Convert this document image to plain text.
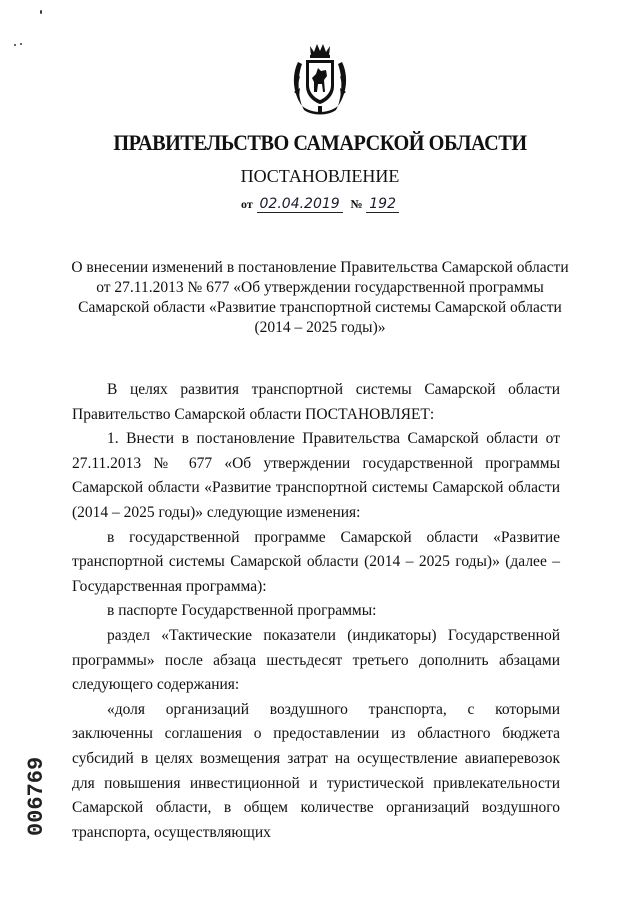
ПРАВИТЕЛЬСТВО САМАРСКОЙ ОБЛАСТИ
ПОСТАНОВЛЕНИЕ
от 02.04.2019 № 192
О внесении изменений в постановление Правительства Самарской области
от 27.11.2013 № 677 «Об утверждении государственной программы
Самарской области «Развитие транспортной системы Самарской области
(2014 – 2025 годы)»

В целях развития транспортной системы Самарской области Правительство Самарской области ПОСТАНОВЛЯЕТ:

1. Внести в постановление Правительства Самарской области от 27.11.2013 № 677 «Об утверждении государственной программы Самарской области «Развитие транспортной системы Самарской области (2014 – 2025 годы)» следующие изменения:

в государственной программе Самарской области «Развитие транспортной системы Самарской области (2014 – 2025 годы)» (далее – Государственная программа):

в паспорте Государственной программы:

раздел «Тактические показатели (индикаторы) Государственной программы» после абзаца шестьдесят третьего дополнить абзацами следующего содержания:

«доля организаций воздушного транспорта, с которыми заключенны соглашения о предоставлении из областного бюджета субсидий в целях возмещения затрат на осуществление авиаперевозок для повышения инвестиционной и туристической привлекательности Самарской области, в общем количестве организаций воздушного транспорта, осуществляющих

006769
